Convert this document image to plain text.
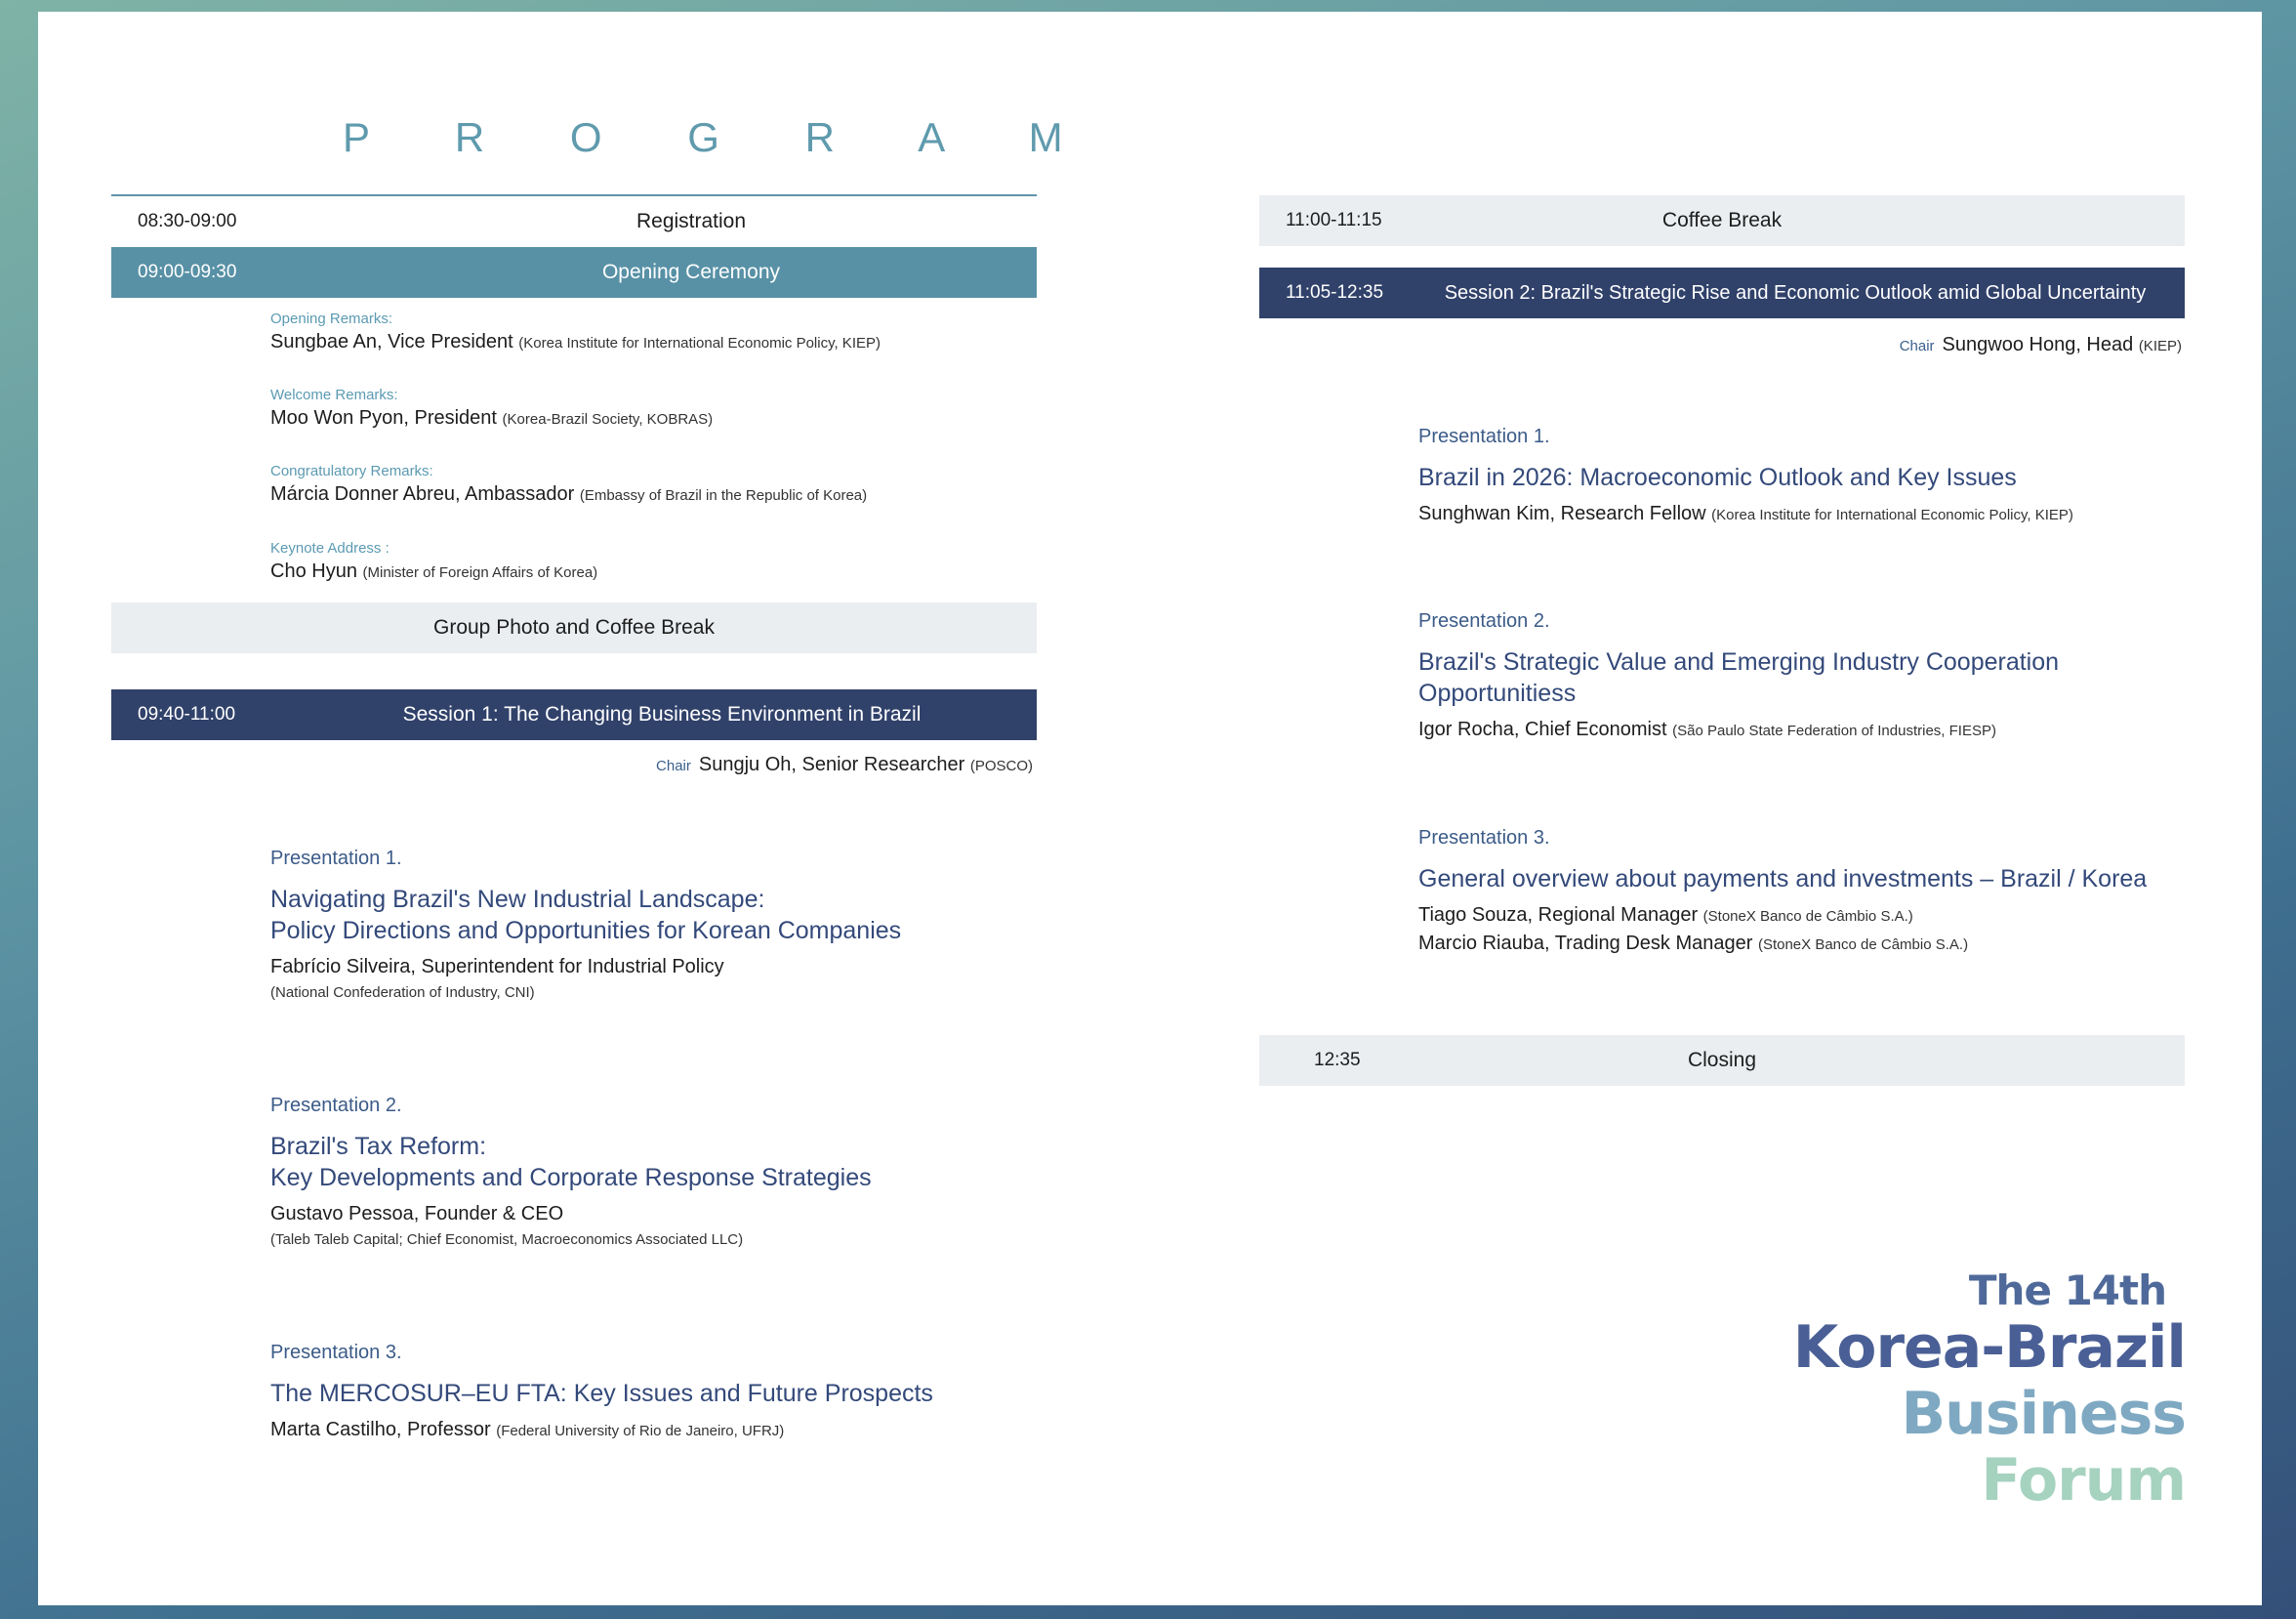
P R O G R A M
08:30-09:00	Registration
09:00-09:30	Opening Ceremony
Opening Remarks:
Sungbae An, Vice President (Korea Institute for International Economic Policy, KIEP)
Welcome Remarks:
Moo Won Pyon, President (Korea-Brazil Society, KOBRAS)
Congratulatory Remarks:
Márcia Donner Abreu, Ambassador (Embassy of Brazil in the Republic of Korea)
Keynote Address :
Cho Hyun (Minister of Foreign Affairs of Korea)
Group Photo and Coffee Break
09:40-11:00	Session 1: The Changing Business Environment in Brazil
Chair Sungju Oh, Senior Researcher (POSCO)
Presentation 1.
Navigating Brazil's New Industrial Landscape:
Policy Directions and Opportunities for Korean Companies
Fabrício Silveira, Superintendent for Industrial Policy
(National Confederation of Industry, CNI)
Presentation 2.
Brazil's Tax Reform:
Key Developments and Corporate Response Strategies
Gustavo Pessoa, Founder & CEO
(Taleb Taleb Capital; Chief Economist, Macroeconomics Associated LLC)
Presentation 3.
The MERCOSUR–EU FTA: Key Issues and Future Prospects
Marta Castilho, Professor (Federal University of Rio de Janeiro, UFRJ)
11:00-11:15	Coffee Break
11:05-12:35	Session 2: Brazil's Strategic Rise and Economic Outlook amid Global Uncertainty
Chair Sungwoo Hong, Head (KIEP)
Presentation 1.
Brazil in 2026: Macroeconomic Outlook and Key Issues
Sunghwan Kim, Research Fellow (Korea Institute for International Economic Policy, KIEP)
Presentation 2.
Brazil's Strategic Value and Emerging Industry Cooperation
Opportunitiess
Igor Rocha, Chief Economist (São Paulo State Federation of Industries, FIESP)
Presentation 3.
General overview about payments and investments – Brazil / Korea
Tiago Souza, Regional Manager (StoneX Banco de Câmbio S.A.)
Marcio Riauba, Trading Desk Manager (StoneX Banco de Câmbio S.A.)
12:35	Closing
The 14th
Korea-Brazil
Business
Forum
